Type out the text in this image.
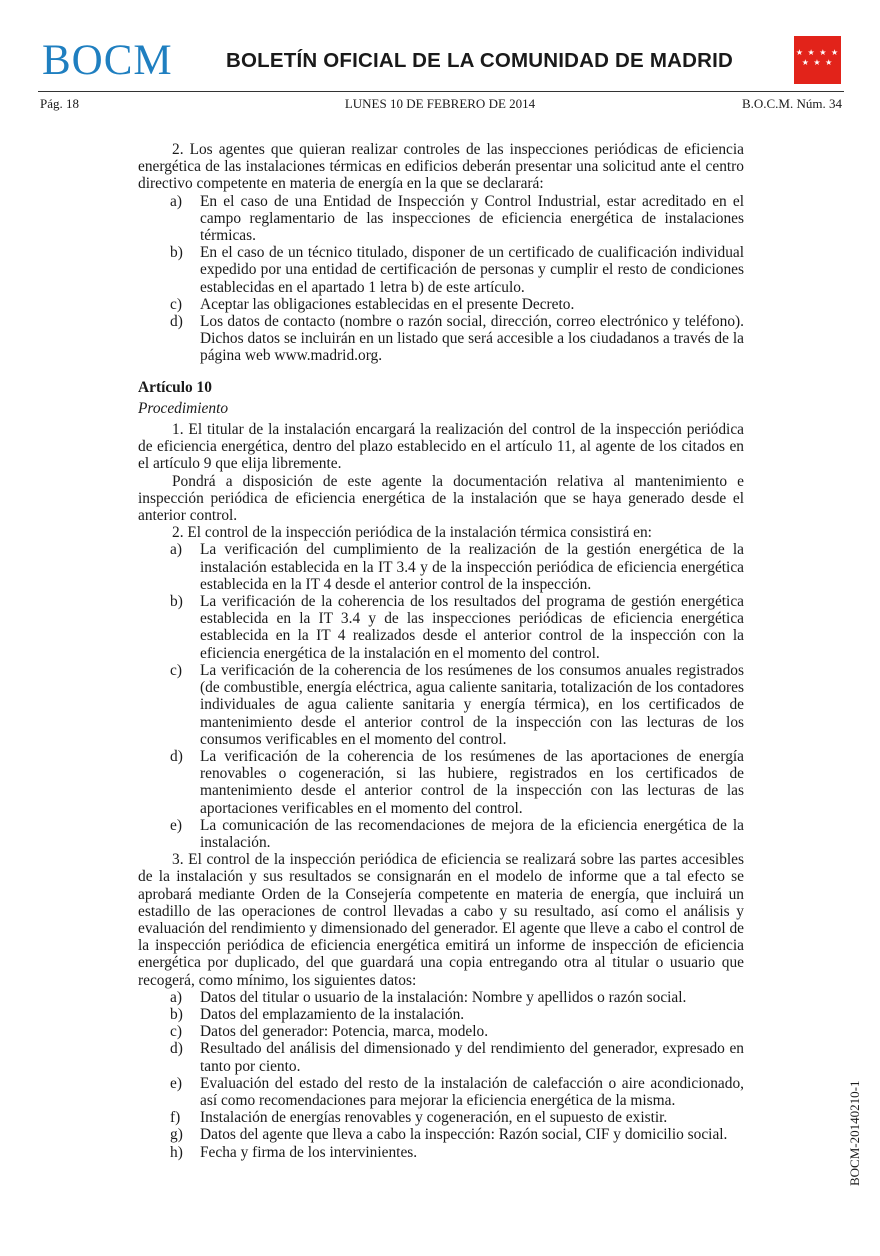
BOCM	BOLETÍN OFICIAL DE LA COMUNIDAD DE MADRID	★ ★ ★ ★
★ ★ ★
Pág. 18	LUNES 10 DE FEBRERO DE 2014	B.O.C.M. Núm. 34

2. Los agentes que quieran realizar controles de las inspecciones periódicas de eficiencia energética de las instalaciones térmicas en edificios deberán presentar una solicitud ante el centro directivo competente en materia de energía en la que se declarará:

a) En el caso de una Entidad de Inspección y Control Industrial, estar acreditado en el campo reglamentario de las inspecciones de eficiencia energética de instalaciones térmicas.
b) En el caso de un técnico titulado, disponer de un certificado de cualificación individual expedido por una entidad de certificación de personas y cumplir el resto de condiciones establecidas en el apartado 1 letra b) de este artículo.
c) Aceptar las obligaciones establecidas en el presente Decreto.
d) Los datos de contacto (nombre o razón social, dirección, correo electrónico y teléfono). Dichos datos se incluirán en un listado que será accesible a los ciudadanos a través de la página web www.madrid.org.

Artículo 10

Procedimiento

1. El titular de la instalación encargará la realización del control de la inspección periódica de eficiencia energética, dentro del plazo establecido en el artículo 11, al agente de los citados en el artículo 9 que elija libremente.

Pondrá a disposición de este agente la documentación relativa al mantenimiento e inspección periódica de eficiencia energética de la instalación que se haya generado desde el anterior control.

2. El control de la inspección periódica de la instalación térmica consistirá en:

a) La verificación del cumplimiento de la realización de la gestión energética de la instalación establecida en la IT 3.4 y de la inspección periódica de eficiencia energética establecida en la IT 4 desde el anterior control de la inspección.
b) La verificación de la coherencia de los resultados del programa de gestión energética establecida en la IT 3.4 y de las inspecciones periódicas de eficiencia energética establecida en la IT 4 realizados desde el anterior control de la inspección con la eficiencia energética de la instalación en el momento del control.
c) La verificación de la coherencia de los resúmenes de los consumos anuales registrados (de combustible, energía eléctrica, agua caliente sanitaria, totalización de los contadores individuales de agua caliente sanitaria y energía térmica), en los certificados de mantenimiento desde el anterior control de la inspección con las lecturas de los consumos verificables en el momento del control.
d) La verificación de la coherencia de los resúmenes de las aportaciones de energía renovables o cogeneración, si las hubiere, registrados en los certificados de mantenimiento desde el anterior control de la inspección con las lecturas de las aportaciones verificables en el momento del control.
e) La comunicación de las recomendaciones de mejora de la eficiencia energética de la instalación.

3. El control de la inspección periódica de eficiencia se realizará sobre las partes accesibles de la instalación y sus resultados se consignarán en el modelo de informe que a tal efecto se aprobará mediante Orden de la Consejería competente en materia de energía, que incluirá un estadillo de las operaciones de control llevadas a cabo y su resultado, así como el análisis y evaluación del rendimiento y dimensionado del generador. El agente que lleve a cabo el control de la inspección periódica de eficiencia energética emitirá un informe de inspección de eficiencia energética por duplicado, del que guardará una copia entregando otra al titular o usuario que recogerá, como mínimo, los siguientes datos:

a) Datos del titular o usuario de la instalación: Nombre y apellidos o razón social.
b) Datos del emplazamiento de la instalación.
c) Datos del generador: Potencia, marca, modelo.
d) Resultado del análisis del dimensionado y del rendimiento del generador, expresado en tanto por ciento.
e) Evaluación del estado del resto de la instalación de calefacción o aire acondicionado, así como recomendaciones para mejorar la eficiencia energética de la misma.
f) Instalación de energías renovables y cogeneración, en el supuesto de existir.
g) Datos del agente que lleva a cabo la inspección: Razón social, CIF y domicilio social.
h) Fecha y firma de los intervinientes.	BOCM-20140210-1
